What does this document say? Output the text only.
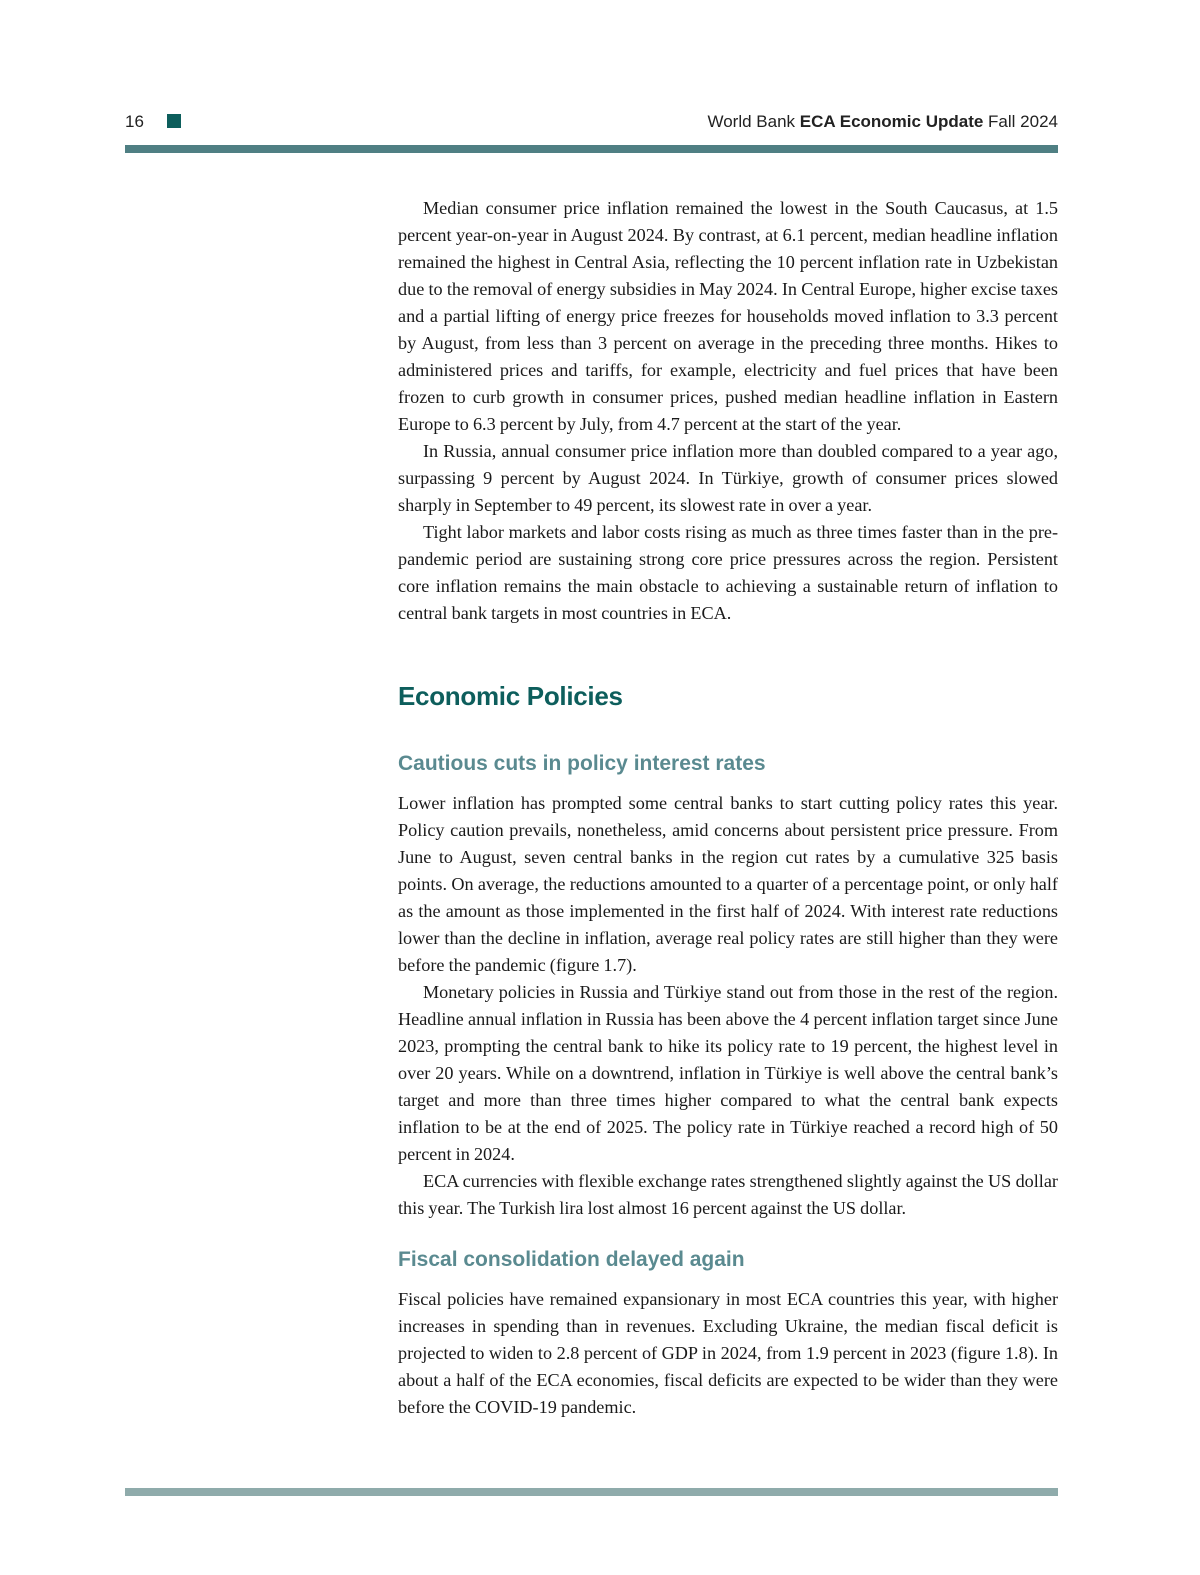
16	World Bank ECA Economic Update Fall 2024

Median consumer price inflation remained the lowest in the South Caucasus, at 1.5 percent year-on-year in August 2024. By contrast, at 6.1 percent, median headline inflation remained the highest in Central Asia, reflecting the 10 percent inflation rate in Uzbekistan due to the removal of energy subsidies in May 2024. In Central Europe, higher excise taxes and a partial lifting of energy price freezes for households moved inflation to 3.3 percent by August, from less than 3 percent on average in the preceding three months. Hikes to administered prices and tariffs, for example, electricity and fuel prices that have been frozen to curb growth in consumer prices, pushed median headline inflation in Eastern Europe to 6.3 percent by July, from 4.7 percent at the start of the year.

In Russia, annual consumer price inflation more than doubled compared to a year ago, surpassing 9 percent by August 2024. In Türkiye, growth of consumer prices slowed sharply in September to 49 percent, its slowest rate in over a year.

Tight labor markets and labor costs rising as much as three times faster than in the pre-pandemic period are sustaining strong core price pressures across the region. Persistent core inflation remains the main obstacle to achieving a sustainable return of inflation to central bank targets in most countries in ECA.

Economic Policies
Cautious cuts in policy interest rates

Lower inflation has prompted some central banks to start cutting policy rates this year. Policy caution prevails, nonetheless, amid concerns about persistent price pressure. From June to August, seven central banks in the region cut rates by a cumulative 325 basis points. On average, the reductions amounted to a quarter of a percentage point, or only half as the amount as those implemented in the first half of 2024. With interest rate reductions lower than the decline in inflation, average real policy rates are still higher than they were before the pandemic (figure 1.7).

Monetary policies in Russia and Türkiye stand out from those in the rest of the region. Headline annual inflation in Russia has been above the 4 percent inflation target since June 2023, prompting the central bank to hike its policy rate to 19 percent, the highest level in over 20 years. While on a downtrend, inflation in Türkiye is well above the central bank’s target and more than three times higher compared to what the central bank expects inflation to be at the end of 2025. The policy rate in Türkiye reached a record high of 50 percent in 2024.

ECA currencies with flexible exchange rates strengthened slightly against the US dollar this year. The Turkish lira lost almost 16 percent against the US dollar.

Fiscal consolidation delayed again

Fiscal policies have remained expansionary in most ECA countries this year, with higher increases in spending than in revenues. Excluding Ukraine, the median fiscal deficit is projected to widen to 2.8 percent of GDP in 2024, from 1.9 percent in 2023 (figure 1.8). In about a half of the ECA economies, fiscal deficits are expected to be wider than they were before the COVID-19 pandemic.
